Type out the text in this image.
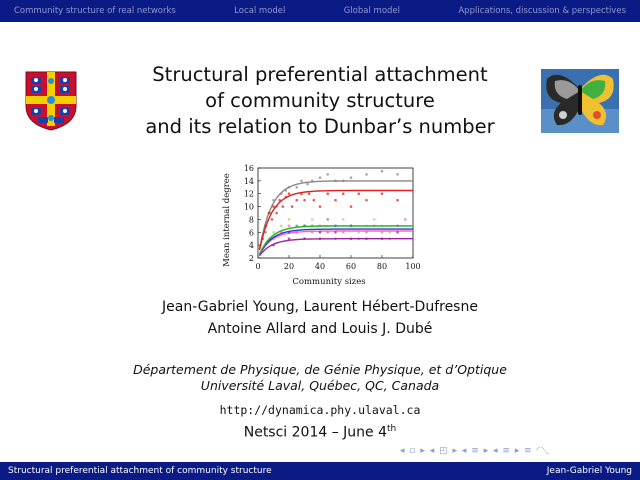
Community structure of real networks	Local model	Global model	Applications, discussion & perspectives
Structural preferential attachment
of community structure
and its relation to Dunbar’s number
0	20	40	60	80 100
2
4
6
8
10
12
14
16
Community sizes
Mean internal degree
Jean-Gabriel Young, Laurent Hébert-Dufresne
Antoine Allard and Louis J. Dubé
Département de Physique, de Génie Physique, et d’Optique
Université Laval, Québec, QC, Canada
http://dynamica.phy.ulaval.ca
Netsci 2014 – June 4th
◂ ▫ ▸ ◂ ◰ ▸ ◂ ≡ ▸ ◂ ≡ ▸ ≡ ◜◝◟
Structural preferential attachment of community structure	Jean-Gabriel Young
